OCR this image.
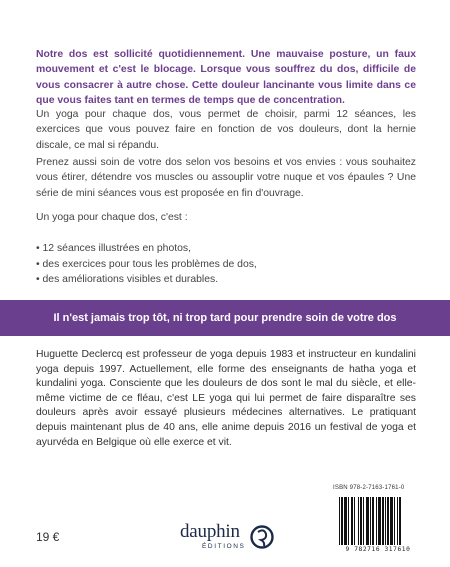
Notre dos est sollicité quotidiennement. Une mauvaise posture, un faux mouvement et c'est le blocage. Lorsque vous souffrez du dos, difficile de vous consacrer à autre chose. Cette douleur lancinante vous limite dans ce que vous faites tant en termes de temps que de concentration.
Un yoga pour chaque dos, vous permet de choisir, parmi 12 séances, les exercices que vous pouvez faire en fonction de vos douleurs, dont la hernie discale, ce mal si répandu.
Prenez aussi soin de votre dos selon vos besoins et vos envies : vous souhaitez vous étirer, détendre vos muscles ou assouplir votre nuque et vos épaules ? Une série de mini séances vous est proposée en fin d'ouvrage.
Un yoga pour chaque dos, c'est :
• 12 séances illustrées en photos,
• des exercices pour tous les problèmes de dos,
• des améliorations visibles et durables.
Il n'est jamais trop tôt, ni trop tard pour prendre soin de votre dos
Huguette Declercq est professeur de yoga depuis 1983 et instructeur en kundalini yoga depuis 1997. Actuellement, elle forme des enseignants de hatha yoga et kundalini yoga. Consciente que les douleurs de dos sont le mal du siècle, et elle-même victime de ce fléau, c'est LE yoga qui lui permet de faire disparaître ses douleurs après avoir essayé plusieurs médecines alternatives. Le pratiquant depuis maintenant plus de 40 ans, elle anime depuis 2016 un festival de yoga et ayurvéda en Belgique où elle exerce et vit.
19 €	dauphin
ÉDITIONS
ISBN 978-2-7163-1761-0
9 782716 317610
